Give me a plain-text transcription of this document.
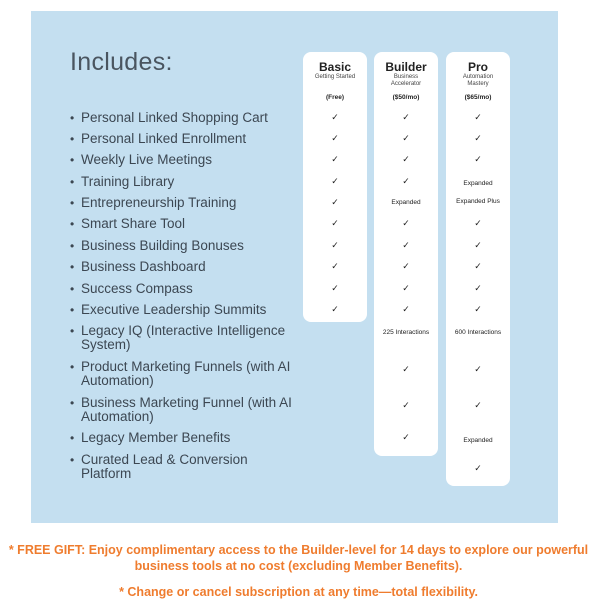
Includes:
• Personal Linked Shopping Cart
• Personal Linked Enrollment
• Weekly Live Meetings
• Training Library
• Entrepreneurship Training
• Smart Share Tool
• Business Building Bonuses
• Business Dashboard
• Success Compass
• Executive Leadership Summits
• Legacy IQ (Interactive Intelligence System)
• Product Marketing Funnels (with AI Automation)
• Business Marketing Funnel (with AI Automation)
• Legacy Member Benefits
• Curated Lead & Conversion Platform
Basic
Getting Started
(Free)
✓
✓
✓
✓
✓
✓
✓
✓
✓
✓
Builder
Business Accelerator
($50/mo)
✓
✓
✓
✓
Expanded
✓
✓
✓
✓
✓
225 Interactions
✓
✓
✓
Pro
Automation Mastery
($65/mo)
✓
✓
✓
Expanded
Expanded Plus
✓
✓
✓
✓
✓
600 Interactions
✓
✓
Expanded
✓
* FREE GIFT: Enjoy complimentary access to the Builder-level for 14 days to explore our powerful business tools at no cost (excluding Member Benefits).
* Change or cancel subscription at any time—total flexibility.
